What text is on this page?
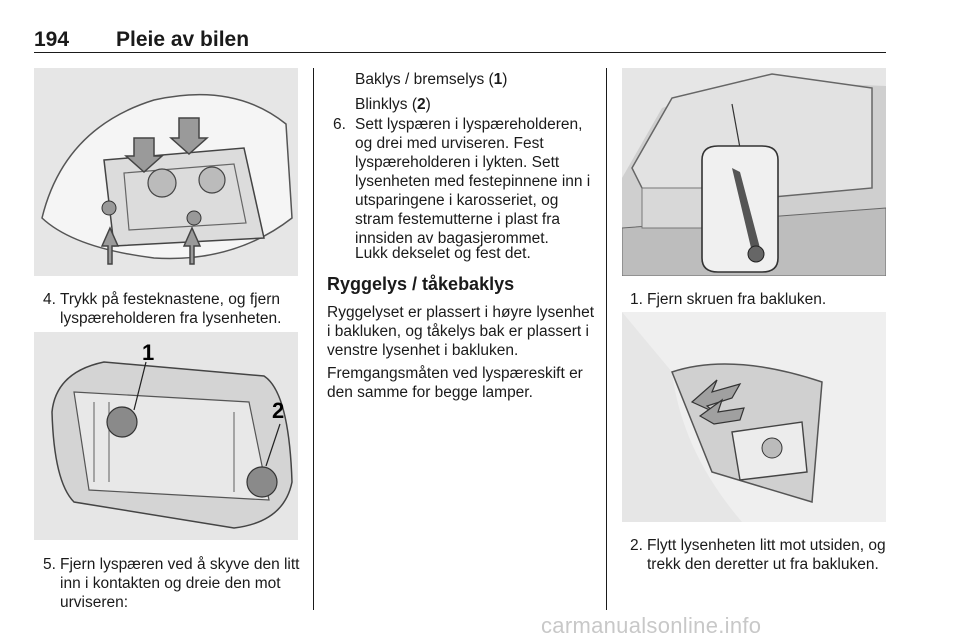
194 Pleie av bilen
4. Trykk på festeknastene, og fjern lyspæreholderen fra lysenheten.
1
2
5. Fjern lyspæren ved å skyve den litt inn i kontakten og dreie den mot urviseren:
Baklys / bremselys (1)
Blinklys (2)
6. Sett lyspæren i lyspæreholderen, og drei med urviseren. Fest lyspæreholderen i lykten. Sett lysenheten med festepinnene inn i utsparingene i karosseriet, og stram festemutterne i plast fra innsiden av bagasjerommet.
Lukk dekselet og fest det.
Ryggelys / tåkebaklys
Ryggelyset er plassert i høyre lysenhet i bakluken, og tåkelys bak er plassert i venstre lysenhet i bakluken.
Fremgangsmåten ved lyspæreskift er den samme for begge lamper.
1. Fjern skruen fra bakluken.
2. Flytt lysenheten litt mot utsiden, og trekk den deretter ut fra bakluken.
carmanualsonline.info
